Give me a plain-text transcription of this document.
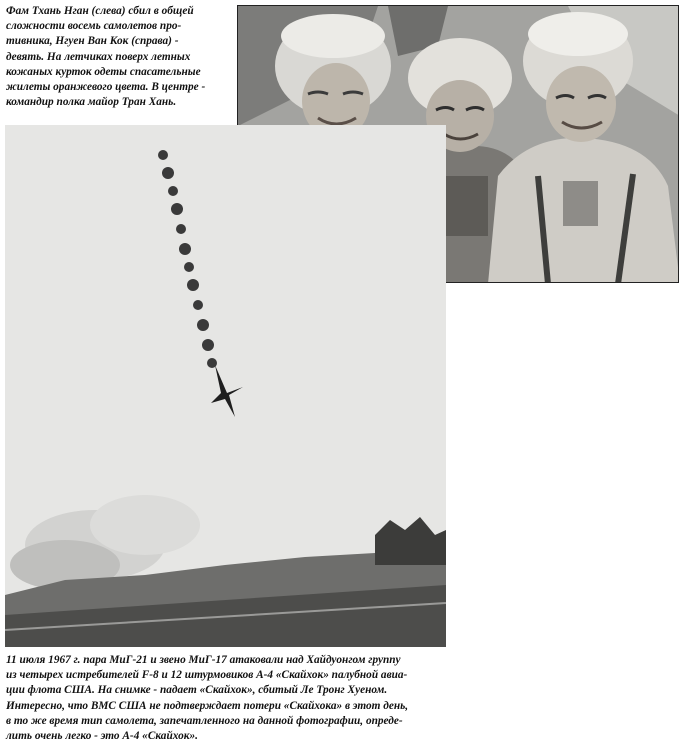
Фам Тхань Нган (слева) сбил в общей
сложности восемь самолетов про-
тивника, Нгуен Ван Кок (справа) -
девять. На летчиках поверх летных
кожаных курток одеты спасательные
жилеты оранжевого цвета. В центре -
командир полка майор Тран Хань.

11 июля 1967 г. пара МиГ-21 и звено МиГ-17 атаковали над Хайдуонгом группу
из четырех истребителей F-8 и 12 штурмовиков А-4 «Скайхок» палубной авиа-
ции флота США. На снимке - падает «Скайхок», сбитый Ле Тронг Хуеном.
Интересно, что ВМС США не подтверждает потери «Скайхока» в этот день,
в то же время тип самолета, запечатленного на данной фотографии, опреде-
лить очень легко - это А-4 «Скайхок».
